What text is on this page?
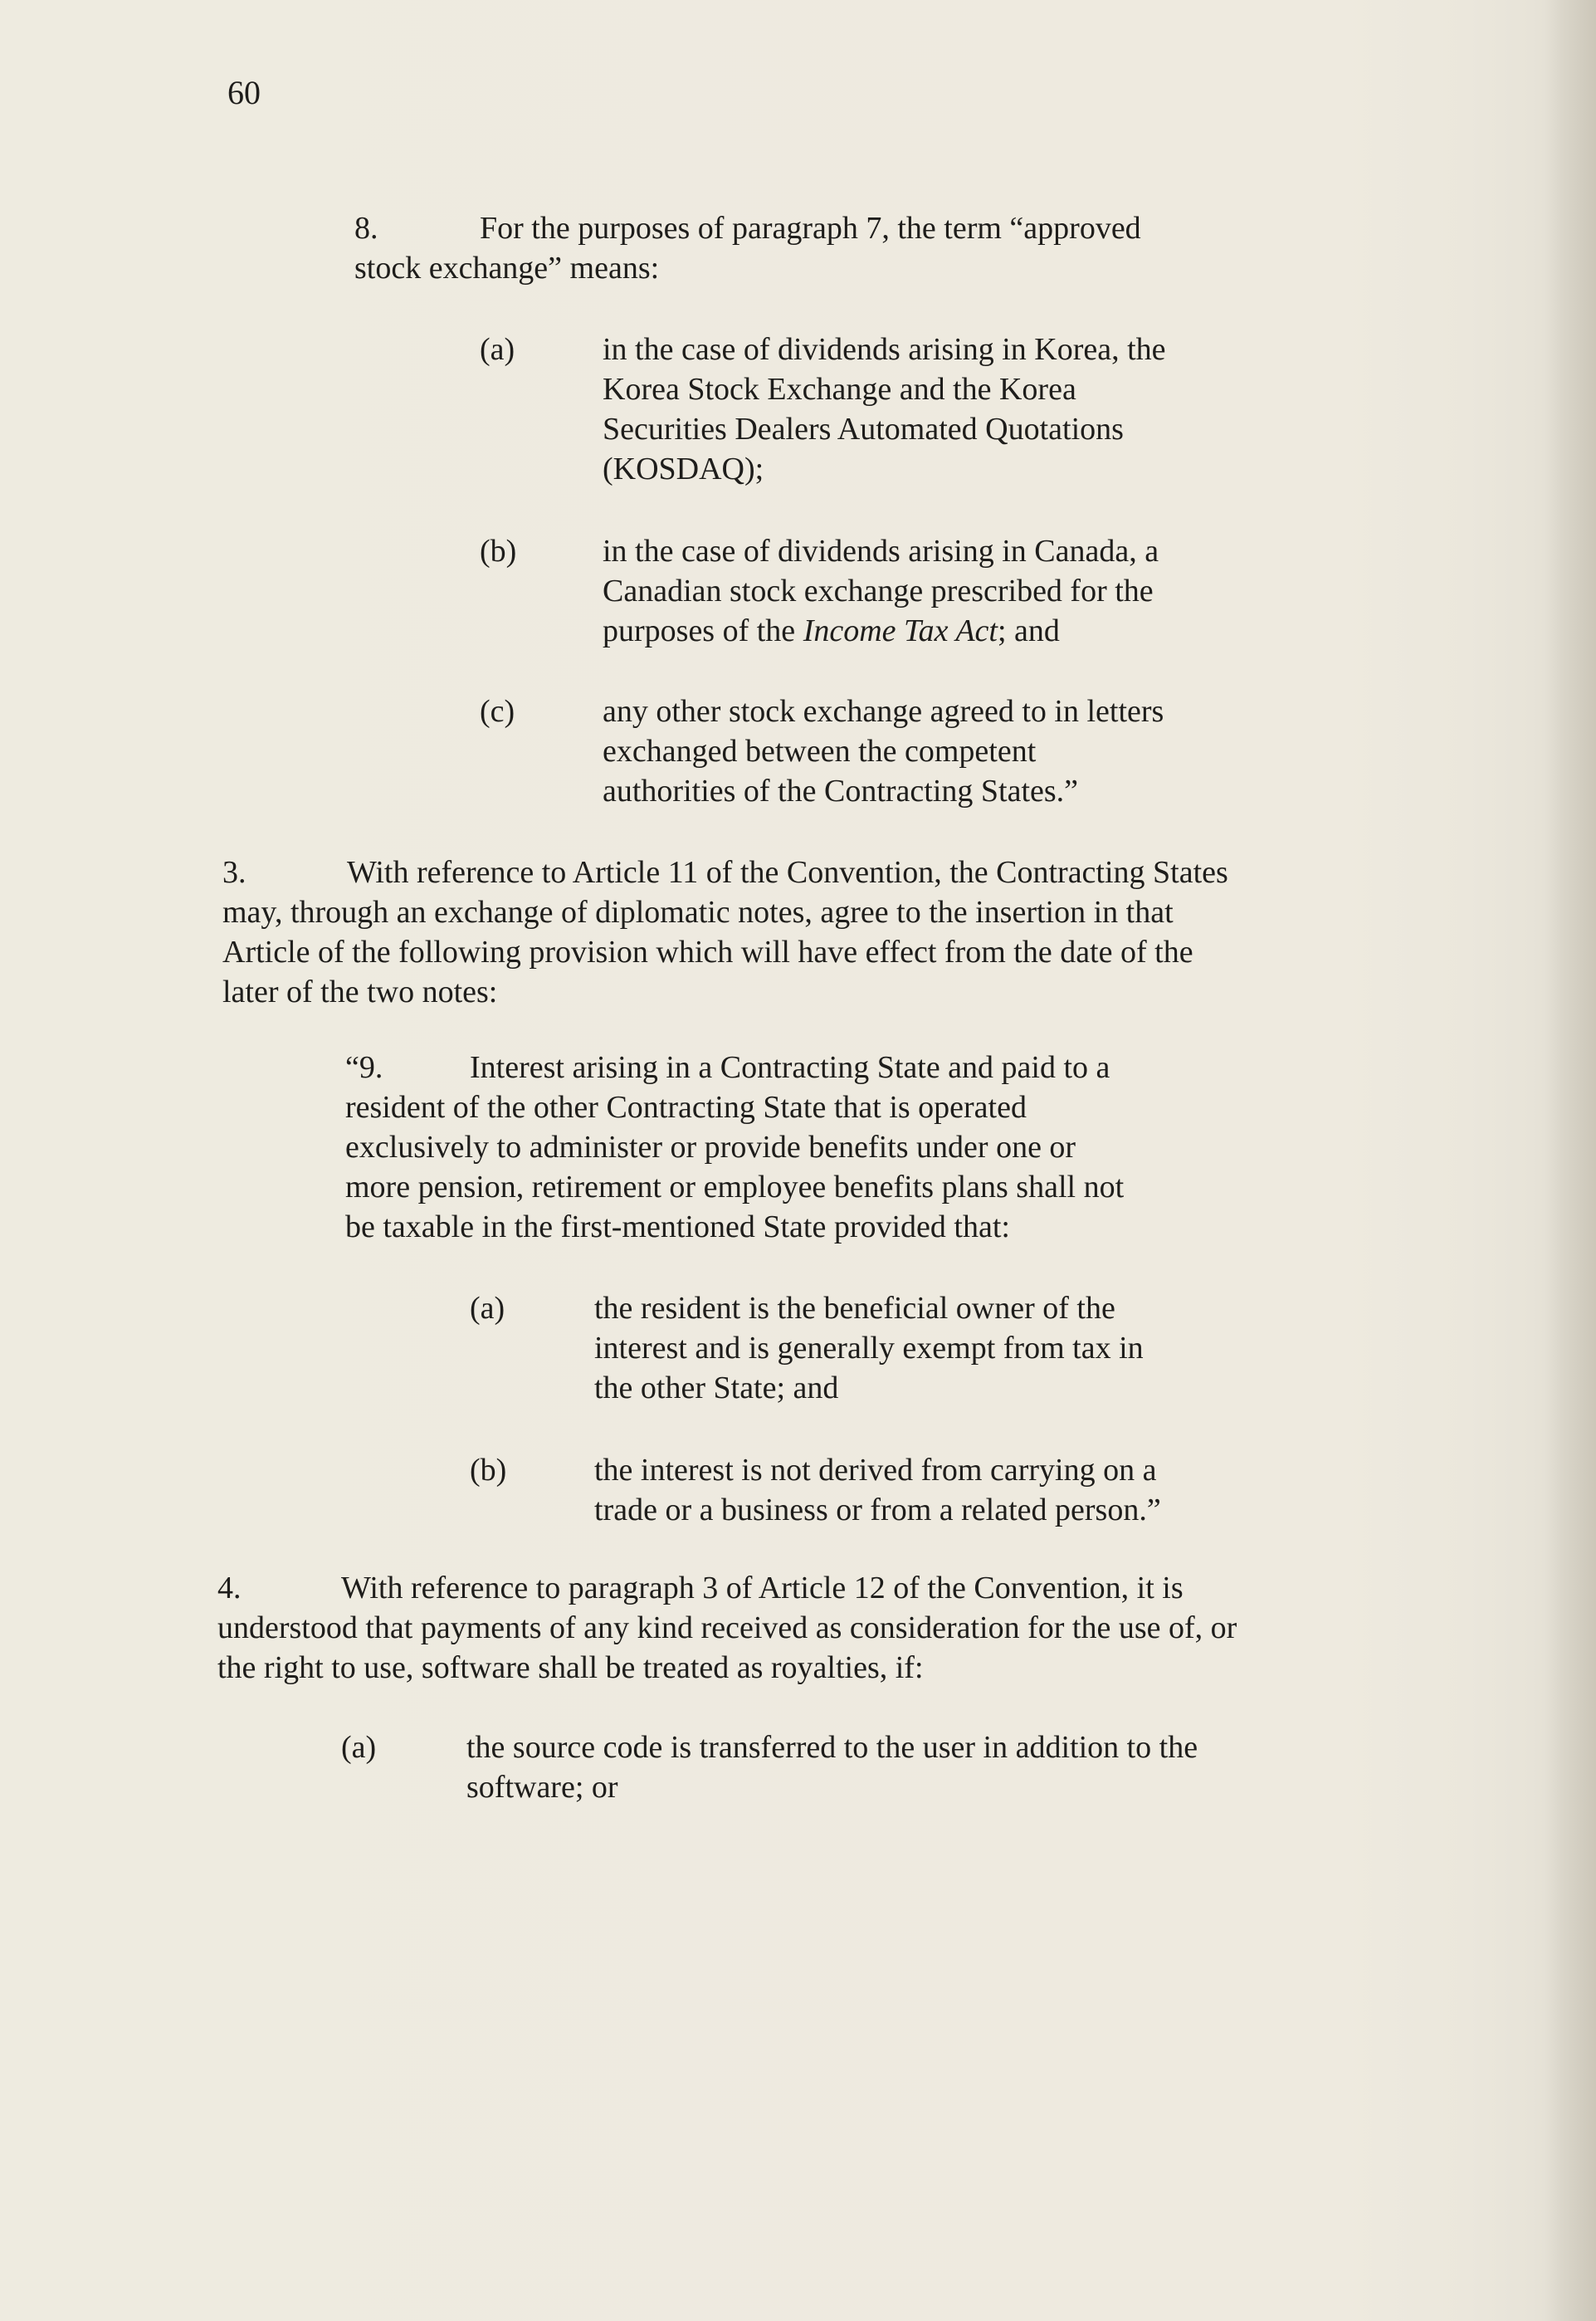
60
8.	For the purposes of paragraph 7, the term “approved
stock exchange” means:
(a)	in the case of dividends arising in Korea, the
Korea Stock Exchange and the Korea
Securities Dealers Automated Quotations
(KOSDAQ);
(b)	in the case of dividends arising in Canada, a
Canadian stock exchange prescribed for the
purposes of the Income Tax Act; and
(c)	any other stock exchange agreed to in letters
exchanged between the competent
authorities of the Contracting States.”
3.	With reference to Article 11 of the Convention, the Contracting States
may, through an exchange of diplomatic notes, agree to the insertion in that
Article of the following provision which will have effect from the date of the
later of the two notes:
“9.	Interest arising in a Contracting State and paid to a
resident of the other Contracting State that is operated
exclusively to administer or provide benefits under one or
more pension, retirement or employee benefits plans shall not
be taxable in the first-mentioned State provided that:
(a)	the resident is the beneficial owner of the
interest and is generally exempt from tax in
the other State; and
(b)	the interest is not derived from carrying on a
trade or a business or from a related person.”
4.	With reference to paragraph 3 of Article 12 of the Convention, it is
understood that payments of any kind received as consideration for the use of, or
the right to use, software shall be treated as royalties, if:
(a)	the source code is transferred to the user in addition to the
software; or
